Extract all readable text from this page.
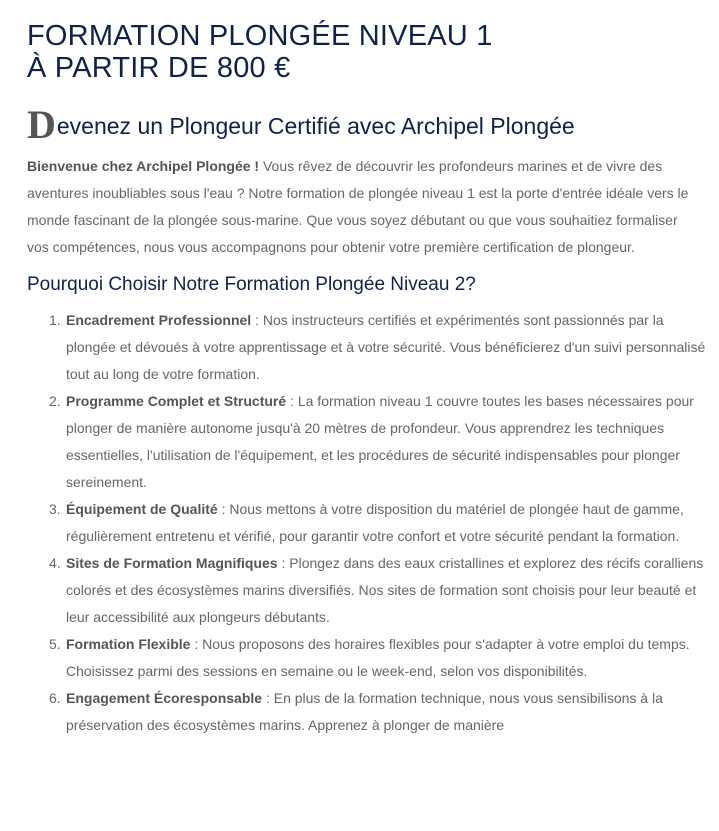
FORMATION PLONGÉE NIVEAU 1
À PARTIR DE 800 €
D evenez un Plongeur Certifié avec Archipel Plongée

Bienvenue chez Archipel Plongée ! Vous rêvez de découvrir les profondeurs marines et de vivre des aventures inoubliables sous l'eau ? Notre formation de plongée niveau 1 est la porte d'entrée idéale vers le monde fascinant de la plongée sous-marine. Que vous soyez débutant ou que vous souhaitiez formaliser vos compétences, nous vous accompagnons pour obtenir votre première certification de plongeur.

Pourquoi Choisir Notre Formation Plongée Niveau 2?
1. Encadrement Professionnel : Nos instructeurs certifiés et expérimentés sont passionnés par la plongée et dévoués à votre apprentissage et à votre sécurité. Vous bénéficierez d'un suivi personnalisé tout au long de votre formation.
2. Programme Complet et Structuré : La formation niveau 1 couvre toutes les bases nécessaires pour plonger de manière autonome jusqu'à 20 mètres de profondeur. Vous apprendrez les techniques essentielles, l'utilisation de l'équipement, et les procédures de sécurité indispensables pour plonger sereinement.
3. Équipement de Qualité : Nous mettons à votre disposition du matériel de plongée haut de gamme, régulièrement entretenu et vérifié, pour garantir votre confort et votre sécurité pendant la formation.
4. Sites de Formation Magnifiques : Plongez dans des eaux cristallines et explorez des récifs coralliens colorés et des écosystèmes marins diversifiés. Nos sites de formation sont choisis pour leur beauté et leur accessibilité aux plongeurs débutants.
5. Formation Flexible : Nous proposons des horaires flexibles pour s'adapter à votre emploi du temps. Choisissez parmi des sessions en semaine ou le week-end, selon vos disponibilités.
6. Engagement Écoresponsable : En plus de la formation technique, nous vous sensibilisons à la préservation des écosystèmes marins. Apprenez à plonger de manière
